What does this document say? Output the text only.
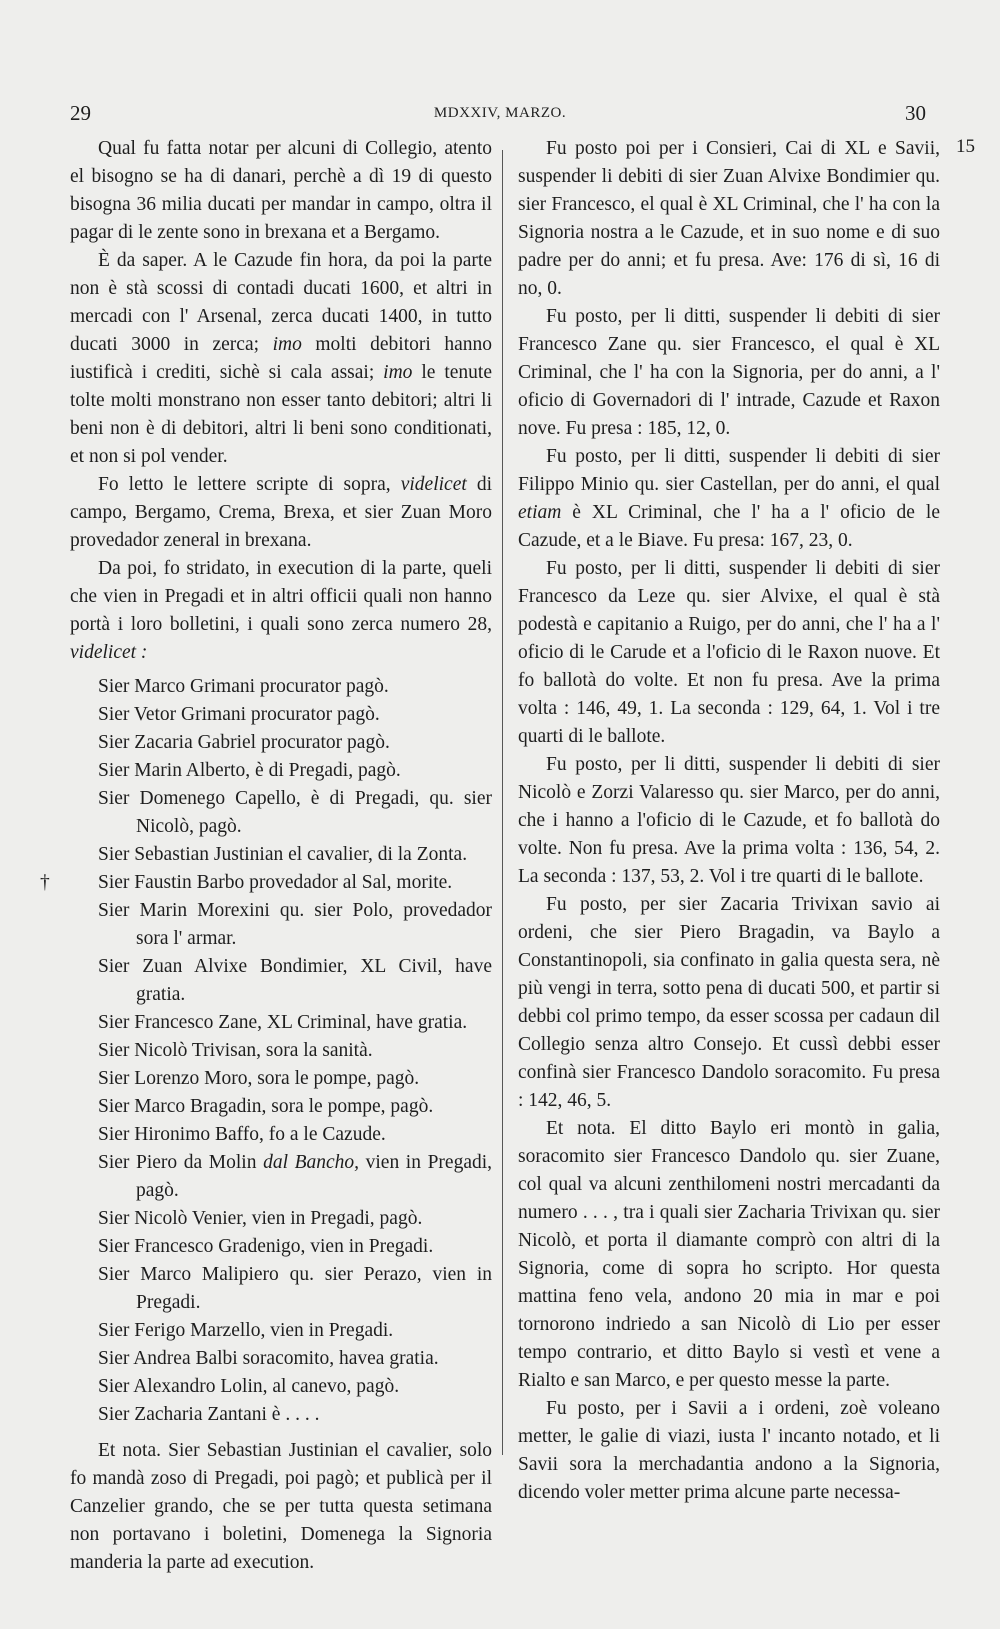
29	MDXXIV, MARZO.	30
15

Qual fu fatta notar per alcuni di Collegio, atento el bisogno se ha di danari, perchè a dì 19 di questo bisogna 36 milia ducati per mandar in campo, oltra il pagar di le zente sono in brexana et a Bergamo.

È da saper. A le Cazude fin hora, da poi la parte non è stà scossi di contadi ducati 1600, et altri in mercadi con l' Arsenal, zerca ducati 1400, in tutto ducati 3000 in zerca; imo molti debitori hanno iustificà i crediti, sichè si cala assai; imo le tenute tolte molti monstrano non esser tanto debitori; altri li beni non è di debitori, altri li beni sono conditionati, et non si pol vender.

Fo letto le lettere scripte di sopra, videlicet di campo, Bergamo, Crema, Brexa, et sier Zuan Moro provedador zeneral in brexana.

Da poi, fo stridato, in execution di la parte, queli che vien in Pregadi et in altri officii quali non hanno portà i loro bolletini, i quali sono zerca numero 28, videlicet :

Sier Marco Grimani procurator pagò.

Sier Vetor Grimani procurator pagò.

Sier Zacaria Gabriel procurator pagò.

Sier Marin Alberto, è di Pregadi, pagò.

Sier Domenego Capello, è di Pregadi, qu. sier Nicolò, pagò.

Sier Sebastian Justinian el cavalier, di la Zonta.

† Sier Faustin Barbo provedador al Sal, morite.

Sier Marin Morexini qu. sier Polo, provedador sora l' armar.

Sier Zuan Alvixe Bondimier, XL Civil, have gratia.

Sier Francesco Zane, XL Criminal, have gratia.

Sier Nicolò Trivisan, sora la sanità.

Sier Lorenzo Moro, sora le pompe, pagò.

Sier Marco Bragadin, sora le pompe, pagò.

Sier Hironimo Baffo, fo a le Cazude.

Sier Piero da Molin dal Bancho, vien in Pregadi, pagò.

Sier Nicolò Venier, vien in Pregadi, pagò.

Sier Francesco Gradenigo, vien in Pregadi.

Sier Marco Malipiero qu. sier Perazo, vien in Pregadi.

Sier Ferigo Marzello, vien in Pregadi.

Sier Andrea Balbi soracomito, havea gratia.

Sier Alexandro Lolin, al canevo, pagò.

Sier Zacharia Zantani è . . . .

Et nota. Sier Sebastian Justinian el cavalier, solo fo mandà zoso di Pregadi, poi pagò; et publicà per il Canzelier grando, che se per tutta questa setimana non portavano i boletini, Domenega la Signoria manderia la parte ad execution.

Fu posto poi per i Consieri, Cai di XL e Savii, suspender li debiti di sier Zuan Alvixe Bondimier qu. sier Francesco, el qual è XL Criminal, che l' ha con la Signoria nostra a le Cazude, et in suo nome e di suo padre per do anni; et fu presa. Ave: 176 di sì, 16 di no, 0.

Fu posto, per li ditti, suspender li debiti di sier Francesco Zane qu. sier Francesco, el qual è XL Criminal, che l' ha con la Signoria, per do anni, a l' oficio di Governadori di l' intrade, Cazude et Raxon nove. Fu presa : 185, 12, 0.

Fu posto, per li ditti, suspender li debiti di sier Filippo Minio qu. sier Castellan, per do anni, el qual etiam è XL Criminal, che l' ha a l' oficio de le Cazude, et a le Biave. Fu presa: 167, 23, 0.

Fu posto, per li ditti, suspender li debiti di sier Francesco da Leze qu. sier Alvixe, el qual è stà podestà e capitanio a Ruigo, per do anni, che l' ha a l' oficio di le Carude et a l'oficio di le Raxon nuove. Et fo ballotà do volte. Et non fu presa. Ave la prima volta : 146, 49, 1. La seconda : 129, 64, 1. Vol i tre quarti di le ballote.

Fu posto, per li ditti, suspender li debiti di sier Nicolò e Zorzi Valaresso qu. sier Marco, per do anni, che i hanno a l'oficio di le Cazude, et fo ballotà do volte. Non fu presa. Ave la prima volta : 136, 54, 2. La seconda : 137, 53, 2. Vol i tre quarti di le ballote.

Fu posto, per sier Zacaria Trivixan savio ai ordeni, che sier Piero Bragadin, va Baylo a Constantinopoli, sia confinato in galia questa sera, nè più vengi in terra, sotto pena di ducati 500, et partir si debbi col primo tempo, da esser scossa per cadaun dil Collegio senza altro Consejo. Et cussì debbi esser confinà sier Francesco Dandolo soracomito. Fu presa : 142, 46, 5.

Et nota. El ditto Baylo eri montò in galia, soracomito sier Francesco Dandolo qu. sier Zuane, col qual va alcuni zenthilomeni nostri mercadanti da numero . . . , tra i quali sier Zacharia Trivixan qu. sier Nicolò, et porta il diamante comprò con altri di la Signoria, come di sopra ho scripto. Hor questa mattina feno vela, andono 20 mia in mar e poi tornorono indriedo a san Nicolò di Lio per esser tempo contrario, et ditto Baylo si vestì et vene a Rialto e san Marco, e per questo messe la parte.

Fu posto, per i Savii a i ordeni, zoè voleano metter, le galie di viazi, iusta l' incanto notado, et li Savii sora la merchadantia andono a la Signoria, dicendo voler metter prima alcune parte necessa-
